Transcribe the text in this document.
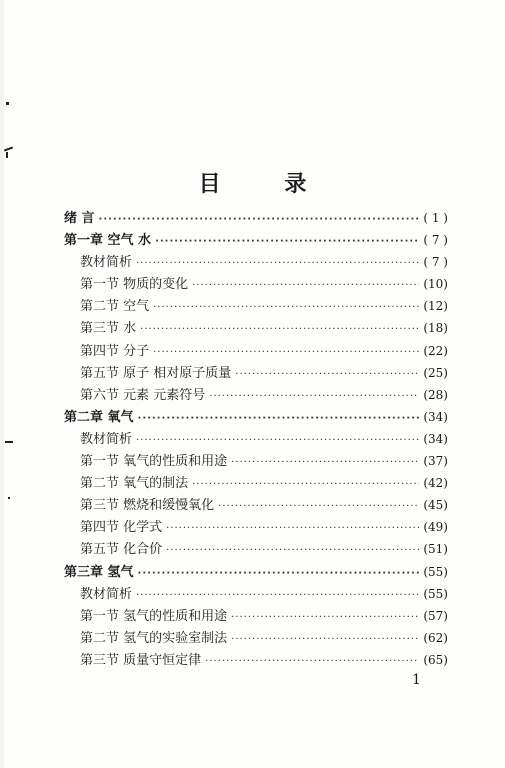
目 录
绪 言 ·····	( 1 )
第一章 空气 水 ·····	( 7 )
教材简析 ·····	( 7 )
第一节 物质的变化 ·····	(10)
第二节 空气 ·····	(12)
第三节 水 ·····	(18)
第四节 分子 ·····	(22)
第五节 原子 相对原子质量 ·····	(25)
第六节 元素 元素符号 ·····	(28)
第二章 氧气 ·····	(34)
教材简析 ·····	(34)
第一节 氧气的性质和用途 ·····	(37)
第二节 氧气的制法 ·····	(42)
第三节 燃烧和缓慢氧化 ·····	(45)
第四节 化学式 ·····	(49)
第五节 化合价 ·····	(51)
第三章 氢气 ·····	(55)
教材简析 ·····	(55)
第一节 氢气的性质和用途 ·····	(57)
第二节 氢气的实验室制法 ·····	(62)
第三节 质量守恒定律 ·····	(65)
1
